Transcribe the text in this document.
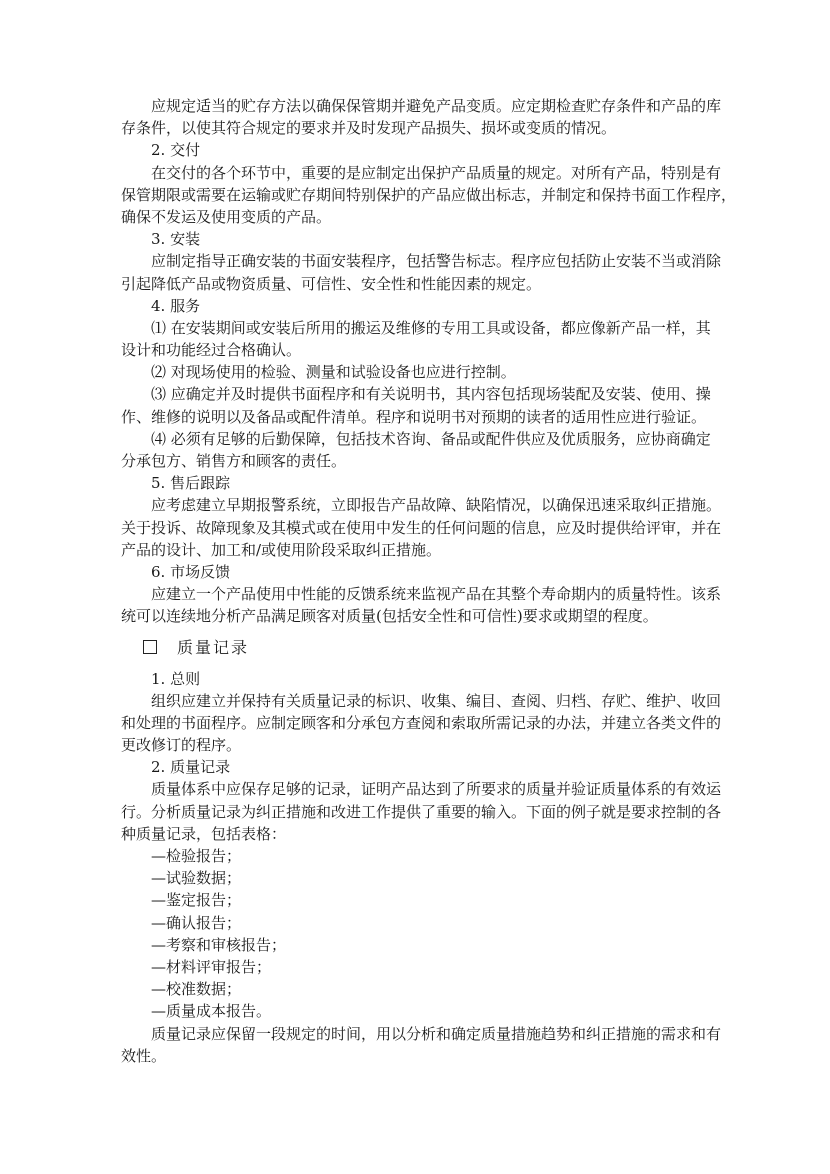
应规定适当的贮存方法以确保保管期并避免产品变质。应定期检查贮存条件和产品的库
存条件，以使其符合规定的要求并及时发现产品损失、损坏或变质的情况。
2. 交付
在交付的各个环节中，重要的是应制定出保护产品质量的规定。对所有产品，特别是有
保管期限或需要在运输或贮存期间特别保护的产品应做出标志，并制定和保持书面工作程序，
确保不发运及使用变质的产品。
3. 安装
应制定指导正确安装的书面安装程序，包括警告标志。程序应包括防止安装不当或消除
引起降低产品或物资质量、可信性、安全性和性能因素的规定。
4. 服务
⑴ 在安装期间或安装后所用的搬运及维修的专用工具或设备，都应像新产品一样，其
设计和功能经过合格确认。
⑵ 对现场使用的检验、测量和试验设备也应进行控制。
⑶ 应确定并及时提供书面程序和有关说明书，其内容包括现场装配及安装、使用、操
作、维修的说明以及备品或配件清单。程序和说明书对预期的读者的适用性应进行验证。
⑷ 必须有足够的后勤保障，包括技术咨询、备品或配件供应及优质服务，应协商确定
分承包方、销售方和顾客的责任。
5. 售后跟踪
应考虑建立早期报警系统，立即报告产品故障、缺陷情况，以确保迅速采取纠正措施。
关于投诉、故障现象及其模式或在使用中发生的任何问题的信息，应及时提供给评审，并在
产品的设计、加工和/或使用阶段采取纠正措施。
6. 市场反馈
应建立一个产品使用中性能的反馈系统来监视产品在其整个寿命期内的质量特性。该系
统可以连续地分析产品满足顾客对质量(包括安全性和可信性)要求或期望的程度。
质量记录
1. 总则
组织应建立并保持有关质量记录的标识、收集、编目、查阅、归档、存贮、维护、收回
和处理的书面程序。应制定顾客和分承包方查阅和索取所需记录的办法，并建立各类文件的
更改修订的程序。
2. 质量记录
质量体系中应保存足够的记录，证明产品达到了所要求的质量并验证质量体系的有效运
行。分析质量记录为纠正措施和改进工作提供了重要的输入。下面的例子就是要求控制的各
种质量记录，包括表格：
—检验报告；
—试验数据；
—鉴定报告；
—确认报告；
—考察和审核报告；
—材料评审报告；
—校准数据；
—质量成本报告。
质量记录应保留一段规定的时间，用以分析和确定质量措施趋势和纠正措施的需求和有
效性。
